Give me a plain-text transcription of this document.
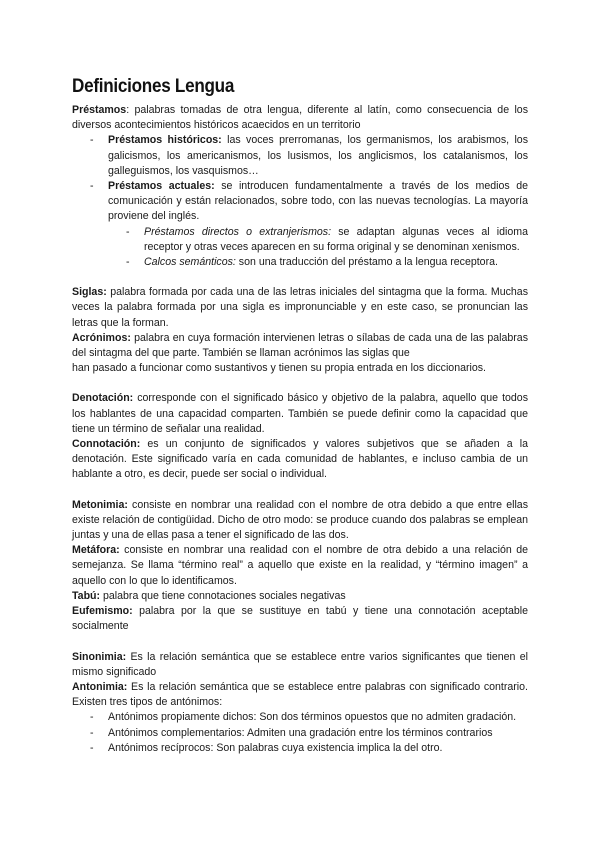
Definiciones Lengua

Préstamos: palabras tomadas de otra lengua, diferente al latín, como consecuencia de los diversos acontecimientos históricos acaecidos en un territorio

- Préstamos históricos: las voces prerromanas, los germanismos, los arabismos, los galicismos, los americanismos, los lusismos, los anglicismos, los catalanismos, los galleguismos, los vasquismos…
- Préstamos actuales: se introducen fundamentalmente a través de los medios de comunicación y están relacionados, sobre todo, con las nuevas tecnologías. La mayoría proviene del inglés.
- Préstamos directos o extranjerismos: se adaptan algunas veces al idioma receptor y otras veces aparecen en su forma original y se denominan xenismos.
- Calcos semánticos: son una traducción del préstamo a la lengua receptora.

Siglas: palabra formada por cada una de las letras iniciales del sintagma que la forma. Muchas veces la palabra formada por una sigla es impronunciable y en este caso, se pronuncian las letras que la forman.

Acrónimos: palabra en cuya formación intervienen letras o sílabas de cada una de las palabras del sintagma del que parte. También se llaman acrónimos las siglas que
han pasado a funcionar como sustantivos y tienen su propia entrada en los diccionarios.

Denotación: corresponde con el significado básico y objetivo de la palabra, aquello que todos los hablantes de una capacidad comparten. También se puede definir como la capacidad que tiene un término de señalar una realidad.

Connotación: es un conjunto de significados y valores subjetivos que se añaden a la denotación. Este significado varía en cada comunidad de hablantes, e incluso cambia de un hablante a otro, es decir, puede ser social o individual.

Metonimia: consiste en nombrar una realidad con el nombre de otra debido a que entre ellas existe relación de contigüidad. Dicho de otro modo: se produce cuando dos palabras se emplean juntas y una de ellas pasa a tener el significado de las dos.

Metáfora: consiste en nombrar una realidad con el nombre de otra debido a una relación de semejanza. Se llama “término real” a aquello que existe en la realidad, y “término imagen” a aquello con lo que lo identificamos.

Tabú: palabra que tiene connotaciones sociales negativas

Eufemismo: palabra por la que se sustituye en tabú y tiene una connotación aceptable socialmente

Sinonimia: Es la relación semántica que se establece entre varios significantes que tienen el mismo significado

Antonimia: Es la relación semántica que se establece entre palabras con significado contrario. Existen tres tipos de antónimos:

- Antónimos propiamente dichos: Son dos términos opuestos que no admiten gradación.
- Antónimos complementarios: Admiten una gradación entre los términos contrarios
- Antónimos recíprocos: Son palabras cuya existencia implica la del otro.
